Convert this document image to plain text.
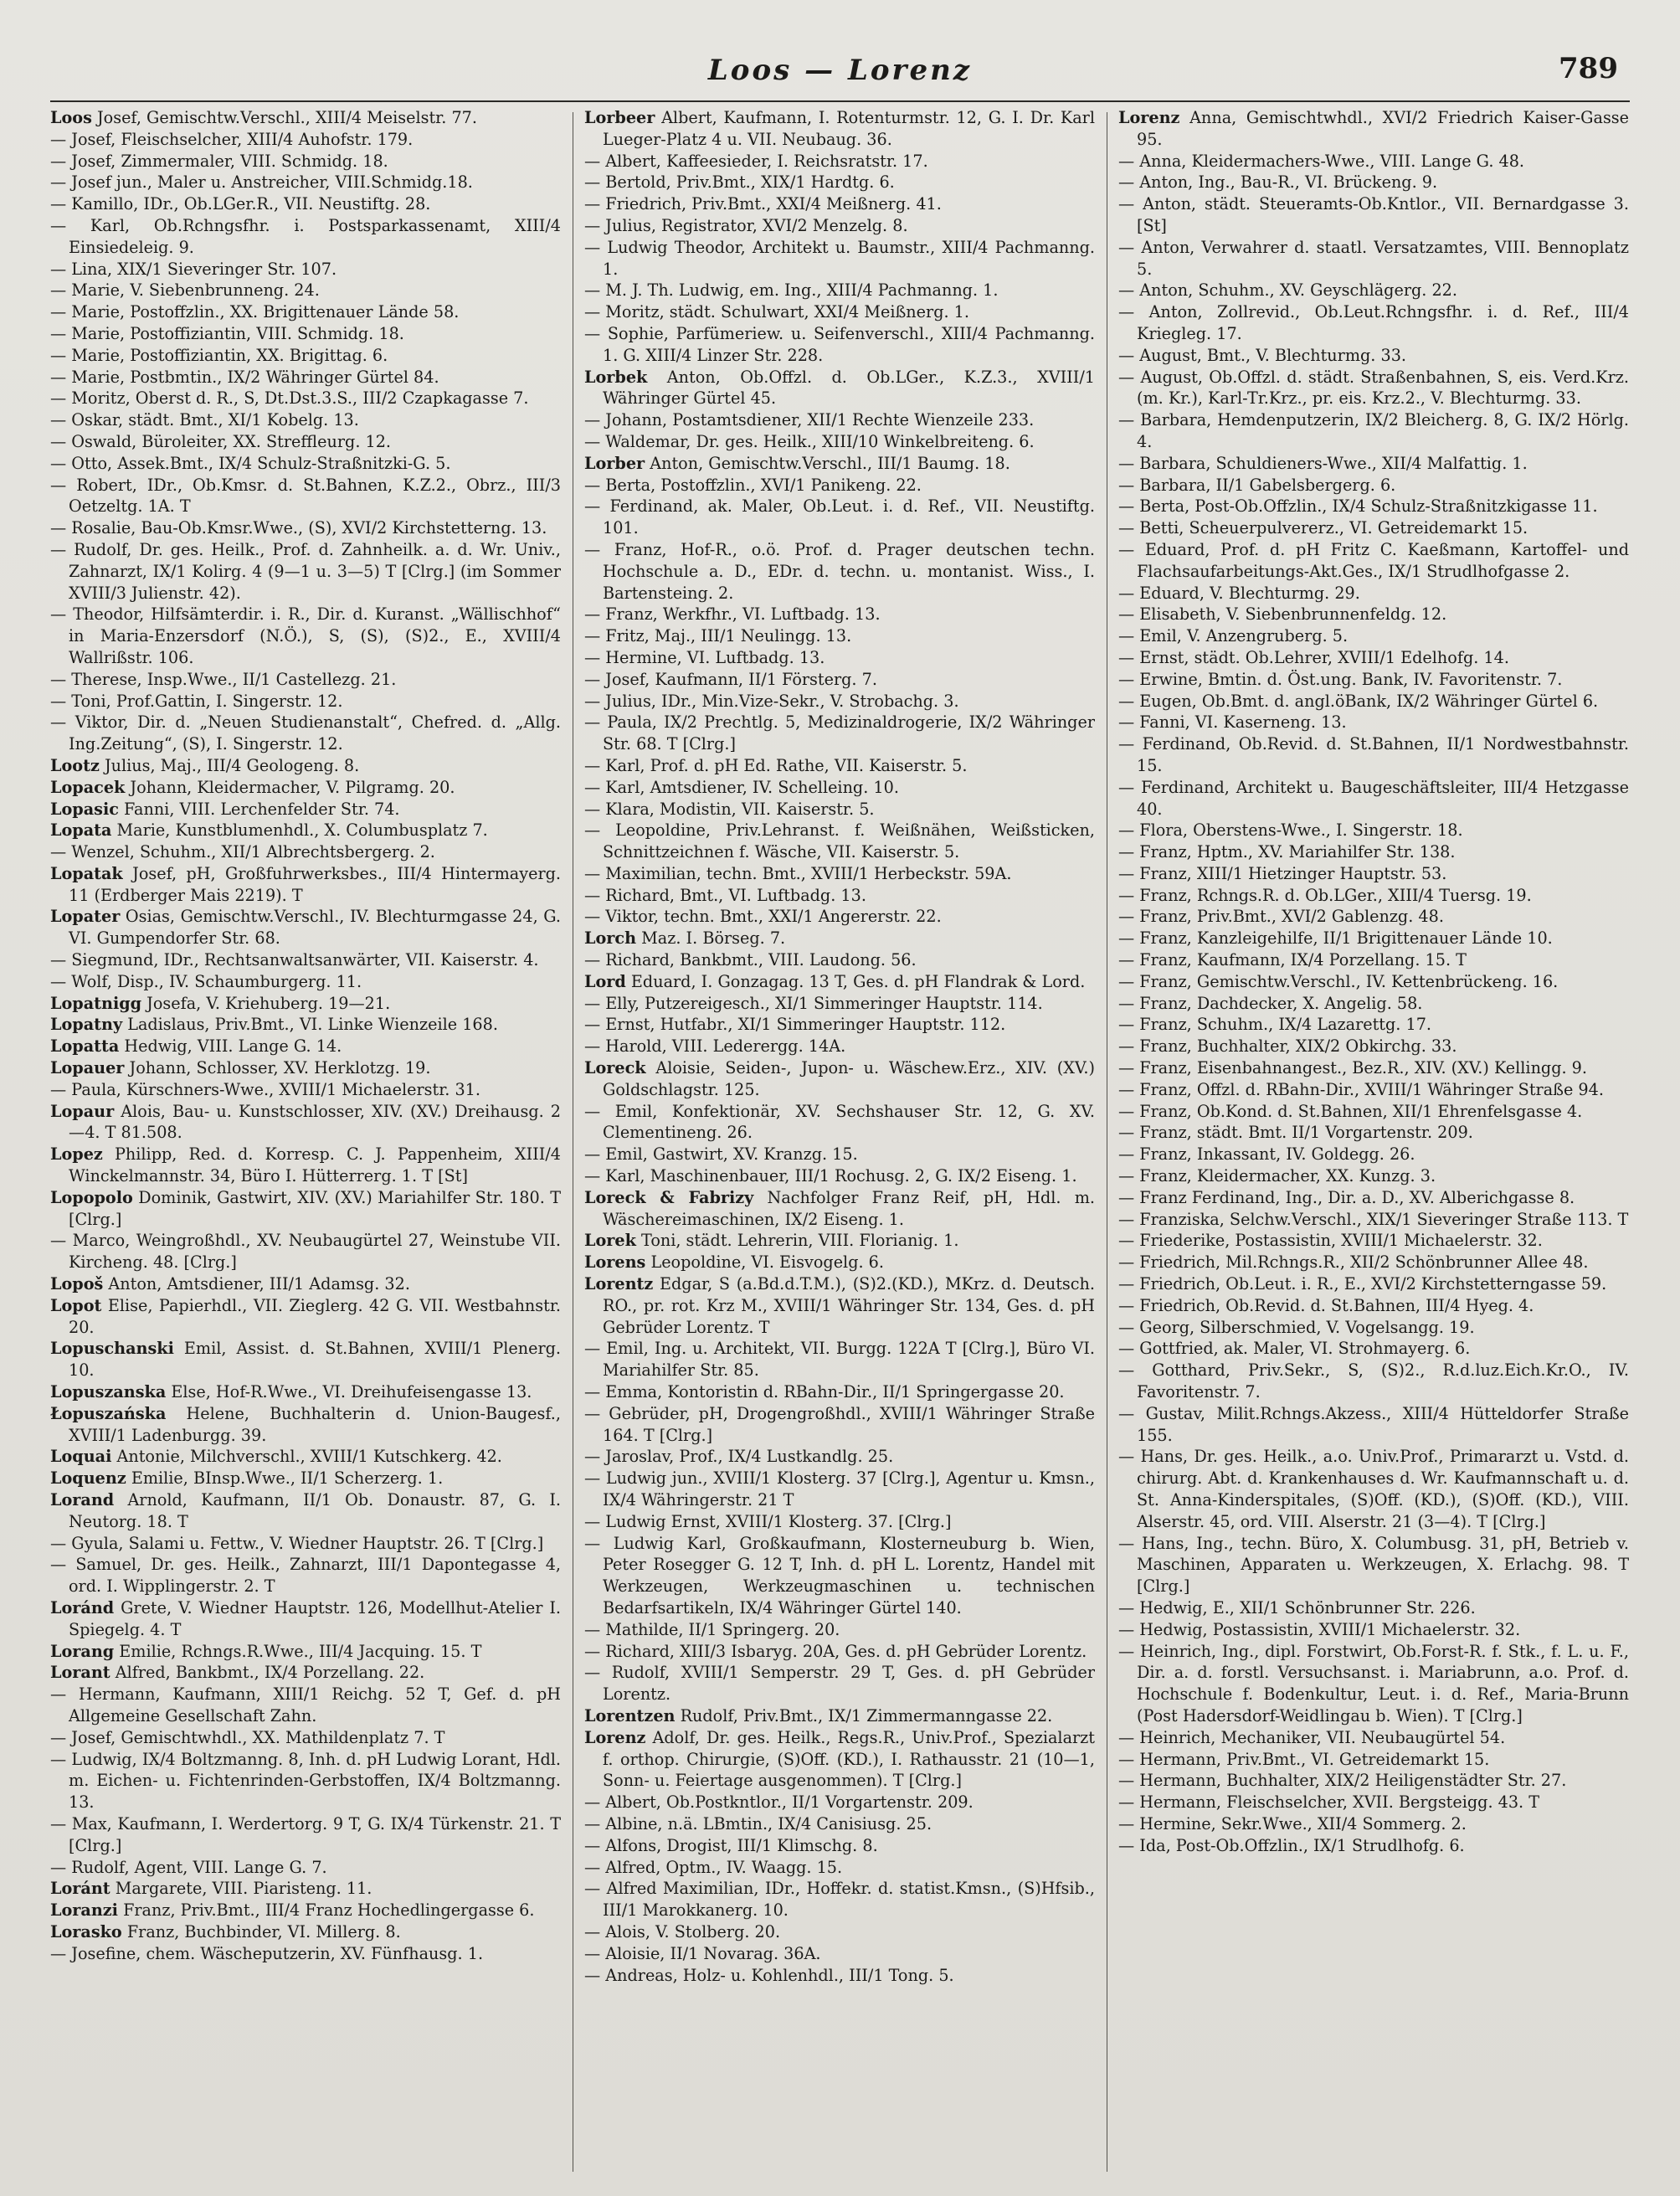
Loos — Lorenz	789
Loos Josef, Gemischtw.Verschl., XIII/4 Meiselstr. 77.
— Josef, Fleischselcher, XIII/4 Auhofstr. 179.
— Josef, Zimmermaler, VIII. Schmidg. 18.
— Josef jun., Maler u. Anstreicher, VIII.Schmidg.18.
— Kamillo, IDr., Ob.LGer.R., VII. Neustiftg. 28.
— Karl, Ob.Rchngsfhr. i. Postsparkassenamt, XIII/4 Einsiedeleig. 9.
— Lina, XIX/1 Sieveringer Str. 107.
— Marie, V. Siebenbrunneng. 24.
— Marie, Postoffzlin., XX. Brigittenauer Lände 58.
— Marie, Postoffiziantin, VIII. Schmidg. 18.
— Marie, Postoffiziantin, XX. Brigittag. 6.
— Marie, Postbmtin., IX/2 Währinger Gürtel 84.
— Moritz, Oberst d. R., S, Dt.Dst.3.S., III/2 Czapkagasse 7.
— Oskar, städt. Bmt., XI/1 Kobelg. 13.
— Oswald, Büroleiter, XX. Streffleurg. 12.
— Otto, Assek.Bmt., IX/4 Schulz-Straßnitzki-G. 5.
— Robert, IDr., Ob.Kmsr. d. St.Bahnen, K.Z.2., Obrz., III/3 Oetzeltg. 1A. T
— Rosalie, Bau-Ob.Kmsr.Wwe., (S), XVI/2 Kirchstetterng. 13.
— Rudolf, Dr. ges. Heilk., Prof. d. Zahnheilk. a. d. Wr. Univ., Zahnarzt, IX/1 Kolirg. 4 (9—1 u. 3—5) T [Clrg.] (im Sommer XVIII/3 Julienstr. 42).
— Theodor, Hilfsämterdir. i. R., Dir. d. Kuranst. „Wällischhof“ in Maria-Enzersdorf (N.Ö.), S, (S), (S)2., E., XVIII/4 Wallrißstr. 106.
— Therese, Insp.Wwe., II/1 Castellezg. 21.
— Toni, Prof.Gattin, I. Singerstr. 12.
— Viktor, Dir. d. „Neuen Studienanstalt“, Chefred. d. „Allg. Ing.Zeitung“, (S), I. Singerstr. 12.
Lootz Julius, Maj., III/4 Geologeng. 8.
Lopacek Johann, Kleidermacher, V. Pilgramg. 20.
Lopasic Fanni, VIII. Lerchenfelder Str. 74.
Lopata Marie, Kunstblumenhdl., X. Columbusplatz 7.
— Wenzel, Schuhm., XII/1 Albrechtsbergerg. 2.
Lopatak Josef, pH, Großfuhrwerksbes., III/4 Hintermayerg. 11 (Erdberger Mais 2219). T
Lopater Osias, Gemischtw.Verschl., IV. Blechturmgasse 24, G. VI. Gumpendorfer Str. 68.
— Siegmund, IDr., Rechtsanwaltsanwärter, VII. Kaiserstr. 4.
— Wolf, Disp., IV. Schaumburgerg. 11.
Lopatnigg Josefa, V. Kriehuberg. 19—21.
Lopatny Ladislaus, Priv.Bmt., VI. Linke Wienzeile 168.
Lopatta Hedwig, VIII. Lange G. 14.
Lopauer Johann, Schlosser, XV. Herklotzg. 19.
— Paula, Kürschners-Wwe., XVIII/1 Michaelerstr. 31.
Lopaur Alois, Bau- u. Kunstschlosser, XIV. (XV.) Dreihausg. 2—4. T 81.508.
Lopez Philipp, Red. d. Korresp. C. J. Pappenheim, XIII/4 Winckelmannstr. 34, Büro I. Hütterrerg. 1. T [St]
Lopopolo Dominik, Gastwirt, XIV. (XV.) Mariahilfer Str. 180. T [Clrg.]
— Marco, Weingroßhdl., XV. Neubaugürtel 27, Weinstube VII. Kircheng. 48. [Clrg.]
Lopoš Anton, Amtsdiener, III/1 Adamsg. 32.
Lopot Elise, Papierhdl., VII. Zieglerg. 42 G. VII. Westbahnstr. 20.
Lopuschanski Emil, Assist. d. St.Bahnen, XVIII/1 Plenerg. 10.
Lopuszanska Else, Hof-R.Wwe., VI. Dreihufeisengasse 13.
Łopuszańska Helene, Buchhalterin d. Union-Baugesf., XVIII/1 Ladenburgg. 39.
Loquai Antonie, Milchverschl., XVIII/1 Kutschkerg. 42.
Loquenz Emilie, BInsp.Wwe., II/1 Scherzerg. 1.
Lorand Arnold, Kaufmann, II/1 Ob. Donaustr. 87, G. I. Neutorg. 18. T
— Gyula, Salami u. Fettw., V. Wiedner Hauptstr. 26. T [Clrg.]
— Samuel, Dr. ges. Heilk., Zahnarzt, III/1 Dapontegasse 4, ord. I. Wipplingerstr. 2. T
Loránd Grete, V. Wiedner Hauptstr. 126, Modellhut-Atelier I. Spiegelg. 4. T
Lorang Emilie, Rchngs.R.Wwe., III/4 Jacquing. 15. T
Lorant Alfred, Bankbmt., IX/4 Porzellang. 22.
— Hermann, Kaufmann, XIII/1 Reichg. 52 T, Gef. d. pH Allgemeine Gesellschaft Zahn.
— Josef, Gemischtwhdl., XX. Mathildenplatz 7. T
— Ludwig, IX/4 Boltzmanng. 8, Inh. d. pH Ludwig Lorant, Hdl. m. Eichen- u. Fichtenrinden-Gerbstoffen, IX/4 Boltzmanng. 13.
— Max, Kaufmann, I. Werdertorg. 9 T, G. IX/4 Türkenstr. 21. T [Clrg.]
— Rudolf, Agent, VIII. Lange G. 7.
Loránt Margarete, VIII. Piaristeng. 11.
Loranzi Franz, Priv.Bmt., III/4 Franz Hochedlingergasse 6.
Lorasko Franz, Buchbinder, VI. Millerg. 8.
— Josefine, chem. Wäscheputzerin, XV. Fünfhausg. 1.
Lorbeer Albert, Kaufmann, I. Rotenturmstr. 12, G. I. Dr. Karl Lueger-Platz 4 u. VII. Neubaug. 36.
— Albert, Kaffeesieder, I. Reichsratstr. 17.
— Bertold, Priv.Bmt., XIX/1 Hardtg. 6.
— Friedrich, Priv.Bmt., XXI/4 Meißnerg. 41.
— Julius, Registrator, XVI/2 Menzelg. 8.
— Ludwig Theodor, Architekt u. Baumstr., XIII/4 Pachmanng. 1.
— M. J. Th. Ludwig, em. Ing., XIII/4 Pachmanng. 1.
— Moritz, städt. Schulwart, XXI/4 Meißnerg. 1.
— Sophie, Parfümeriew. u. Seifenverschl., XIII/4 Pachmanng. 1. G. XIII/4 Linzer Str. 228.
Lorbek Anton, Ob.Offzl. d. Ob.LGer., K.Z.3., XVIII/1 Währinger Gürtel 45.
— Johann, Postamtsdiener, XII/1 Rechte Wienzeile 233.
— Waldemar, Dr. ges. Heilk., XIII/10 Winkelbreiteng. 6.
Lorber Anton, Gemischtw.Verschl., III/1 Baumg. 18.
— Berta, Postoffzlin., XVI/1 Panikeng. 22.
— Ferdinand, ak. Maler, Ob.Leut. i. d. Ref., VII. Neustiftg. 101.
— Franz, Hof-R., o.ö. Prof. d. Prager deutschen techn. Hochschule a. D., EDr. d. techn. u. montanist. Wiss., I. Bartensteing. 2.
— Franz, Werkfhr., VI. Luftbadg. 13.
— Fritz, Maj., III/1 Neulingg. 13.
— Hermine, VI. Luftbadg. 13.
— Josef, Kaufmann, II/1 Försterg. 7.
— Julius, IDr., Min.Vize-Sekr., V. Strobachg. 3.
— Paula, IX/2 Prechtlg. 5, Medizinaldrogerie, IX/2 Währinger Str. 68. T [Clrg.]
— Karl, Prof. d. pH Ed. Rathe, VII. Kaiserstr. 5.
— Karl, Amtsdiener, IV. Schelleing. 10.
— Klara, Modistin, VII. Kaiserstr. 5.
— Leopoldine, Priv.Lehranst. f. Weißnähen, Weißsticken, Schnittzeichnen f. Wäsche, VII. Kaiserstr. 5.
— Maximilian, techn. Bmt., XVIII/1 Herbeckstr. 59A.
— Richard, Bmt., VI. Luftbadg. 13.
— Viktor, techn. Bmt., XXI/1 Angererstr. 22.
Lorch Maz. I. Börseg. 7.
— Richard, Bankbmt., VIII. Laudong. 56.
Lord Eduard, I. Gonzagag. 13 T, Ges. d. pH Flandrak & Lord.
— Elly, Putzereigesch., XI/1 Simmeringer Hauptstr. 114.
— Ernst, Hutfabr., XI/1 Simmeringer Hauptstr. 112.
— Harold, VIII. Lederergg. 14A.
Loreck Aloisie, Seiden-, Jupon- u. Wäschew.Erz., XIV. (XV.) Goldschlagstr. 125.
— Emil, Konfektionär, XV. Sechshauser Str. 12, G. XV. Clementineng. 26.
— Emil, Gastwirt, XV. Kranzg. 15.
— Karl, Maschinenbauer, III/1 Rochusg. 2, G. IX/2 Eiseng. 1.
Loreck & Fabrizy Nachfolger Franz Reif, pH, Hdl. m. Wäschereimaschinen, IX/2 Eiseng. 1.
Lorek Toni, städt. Lehrerin, VIII. Florianig. 1.
Lorens Leopoldine, VI. Eisvogelg. 6.
Lorentz Edgar, S (a.Bd.d.T.M.), (S)2.(KD.), MKrz. d. Deutsch. RO., pr. rot. Krz M., XVIII/1 Währinger Str. 134, Ges. d. pH Gebrüder Lorentz. T
— Emil, Ing. u. Architekt, VII. Burgg. 122A T [Clrg.], Büro VI. Mariahilfer Str. 85.
— Emma, Kontoristin d. RBahn-Dir., II/1 Springergasse 20.
— Gebrüder, pH, Drogengroßhdl., XVIII/1 Währinger Straße 164. T [Clrg.]
— Jaroslav, Prof., IX/4 Lustkandlg. 25.
— Ludwig jun., XVIII/1 Klosterg. 37 [Clrg.], Agentur u. Kmsn., IX/4 Währingerstr. 21 T
— Ludwig Ernst, XVIII/1 Klosterg. 37. [Clrg.]
— Ludwig Karl, Großkaufmann, Klosterneuburg b. Wien, Peter Rosegger G. 12 T, Inh. d. pH L. Lorentz, Handel mit Werkzeugen, Werkzeugmaschinen u. technischen Bedarfsartikeln, IX/4 Währinger Gürtel 140.
— Mathilde, II/1 Springerg. 20.
— Richard, XIII/3 Isbaryg. 20A, Ges. d. pH Gebrüder Lorentz.
— Rudolf, XVIII/1 Semperstr. 29 T, Ges. d. pH Gebrüder Lorentz.
Lorentzen Rudolf, Priv.Bmt., IX/1 Zimmermanngasse 22.
Lorenz Adolf, Dr. ges. Heilk., Regs.R., Univ.Prof., Spezialarzt f. orthop. Chirurgie, (S)Off. (KD.), I. Rathausstr. 21 (10—1, Sonn- u. Feiertage ausgenommen). T [Clrg.]
— Albert, Ob.Postkntlor., II/1 Vorgartenstr. 209.
— Albine, n.ä. LBmtin., IX/4 Canisiusg. 25.
— Alfons, Drogist, III/1 Klimschg. 8.
— Alfred, Optm., IV. Waagg. 15.
— Alfred Maximilian, IDr., Hoffekr. d. statist.Kmsn., (S)Hfsib., III/1 Marokkanerg. 10.
— Alois, V. Stolberg. 20.
— Aloisie, II/1 Novarag. 36A.
— Andreas, Holz- u. Kohlenhdl., III/1 Tong. 5.
Lorenz Anna, Gemischtwhdl., XVI/2 Friedrich Kaiser-Gasse 95.
— Anna, Kleidermachers-Wwe., VIII. Lange G. 48.
— Anton, Ing., Bau-R., VI. Brückeng. 9.
— Anton, städt. Steueramts-Ob.Kntlor., VII. Bernardgasse 3. [St]
— Anton, Verwahrer d. staatl. Versatzamtes, VIII. Bennoplatz 5.
— Anton, Schuhm., XV. Geyschlägerg. 22.
— Anton, Zollrevid., Ob.Leut.Rchngsfhr. i. d. Ref., III/4 Kriegleg. 17.
— August, Bmt., V. Blechturmg. 33.
— August, Ob.Offzl. d. städt. Straßenbahnen, S, eis. Verd.Krz. (m. Kr.), Karl-Tr.Krz., pr. eis. Krz.2., V. Blechturmg. 33.
— Barbara, Hemdenputzerin, IX/2 Bleicherg. 8, G. IX/2 Hörlg. 4.
— Barbara, Schuldieners-Wwe., XII/4 Malfattig. 1.
— Barbara, II/1 Gabelsbergerg. 6.
— Berta, Post-Ob.Offzlin., IX/4 Schulz-Straßnitzkigasse 11.
— Betti, Scheuerpulvererz., VI. Getreidemarkt 15.
— Eduard, Prof. d. pH Fritz C. Kaeßmann, Kartoffel- und Flachsaufarbeitungs-Akt.Ges., IX/1 Strudlhofgasse 2.
— Eduard, V. Blechturmg. 29.
— Elisabeth, V. Siebenbrunnenfeldg. 12.
— Emil, V. Anzengruberg. 5.
— Ernst, städt. Ob.Lehrer, XVIII/1 Edelhofg. 14.
— Erwine, Bmtin. d. Öst.ung. Bank, IV. Favoritenstr. 7.
— Eugen, Ob.Bmt. d. angl.öBank, IX/2 Währinger Gürtel 6.
— Fanni, VI. Kaserneng. 13.
— Ferdinand, Ob.Revid. d. St.Bahnen, II/1 Nordwestbahnstr. 15.
— Ferdinand, Architekt u. Baugeschäftsleiter, III/4 Hetzgasse 40.
— Flora, Oberstens-Wwe., I. Singerstr. 18.
— Franz, Hptm., XV. Mariahilfer Str. 138.
— Franz, XIII/1 Hietzinger Hauptstr. 53.
— Franz, Rchngs.R. d. Ob.LGer., XIII/4 Tuersg. 19.
— Franz, Priv.Bmt., XVI/2 Gablenzg. 48.
— Franz, Kanzleigehilfe, II/1 Brigittenauer Lände 10.
— Franz, Kaufmann, IX/4 Porzellang. 15. T
— Franz, Gemischtw.Verschl., IV. Kettenbrückeng. 16.
— Franz, Dachdecker, X. Angelig. 58.
— Franz, Schuhm., IX/4 Lazarettg. 17.
— Franz, Buchhalter, XIX/2 Obkirchg. 33.
— Franz, Eisenbahnangest., Bez.R., XIV. (XV.) Kellingg. 9.
— Franz, Offzl. d. RBahn-Dir., XVIII/1 Währinger Straße 94.
— Franz, Ob.Kond. d. St.Bahnen, XII/1 Ehrenfelsgasse 4.
— Franz, städt. Bmt. II/1 Vorgartenstr. 209.
— Franz, Inkassant, IV. Goldegg. 26.
— Franz, Kleidermacher, XX. Kunzg. 3.
— Franz Ferdinand, Ing., Dir. a. D., XV. Alberichgasse 8.
— Franziska, Selchw.Verschl., XIX/1 Sieveringer Straße 113. T
— Friederike, Postassistin, XVIII/1 Michaelerstr. 32.
— Friedrich, Mil.Rchngs.R., XII/2 Schönbrunner Allee 48.
— Friedrich, Ob.Leut. i. R., E., XVI/2 Kirchstetterngasse 59.
— Friedrich, Ob.Revid. d. St.Bahnen, III/4 Hyeg. 4.
— Georg, Silberschmied, V. Vogelsangg. 19.
— Gottfried, ak. Maler, VI. Strohmayerg. 6.
— Gotthard, Priv.Sekr., S, (S)2., R.d.luz.Eich.Kr.O., IV. Favoritenstr. 7.
— Gustav, Milit.Rchngs.Akzess., XIII/4 Hütteldorfer Straße 155.
— Hans, Dr. ges. Heilk., a.o. Univ.Prof., Primararzt u. Vstd. d. chirurg. Abt. d. Krankenhauses d. Wr. Kaufmannschaft u. d. St. Anna-Kinderspitales, (S)Off. (KD.), (S)Off. (KD.), VIII. Alserstr. 45, ord. VIII. Alserstr. 21 (3—4). T [Clrg.]
— Hans, Ing., techn. Büro, X. Columbusg. 31, pH, Betrieb v. Maschinen, Apparaten u. Werkzeugen, X. Erlachg. 98. T [Clrg.]
— Hedwig, E., XII/1 Schönbrunner Str. 226.
— Hedwig, Postassistin, XVIII/1 Michaelerstr. 32.
— Heinrich, Ing., dipl. Forstwirt, Ob.Forst-R. f. Stk., f. L. u. F., Dir. a. d. forstl. Versuchsanst. i. Mariabrunn, a.o. Prof. d. Hochschule f. Bodenkultur, Leut. i. d. Ref., Maria-Brunn (Post Hadersdorf-Weidlingau b. Wien). T [Clrg.]
— Heinrich, Mechaniker, VII. Neubaugürtel 54.
— Hermann, Priv.Bmt., VI. Getreidemarkt 15.
— Hermann, Buchhalter, XIX/2 Heiligenstädter Str. 27.
— Hermann, Fleischselcher, XVII. Bergsteigg. 43. T
— Hermine, Sekr.Wwe., XII/4 Sommerg. 2.
— Ida, Post-Ob.Offzlin., IX/1 Strudlhofg. 6.
